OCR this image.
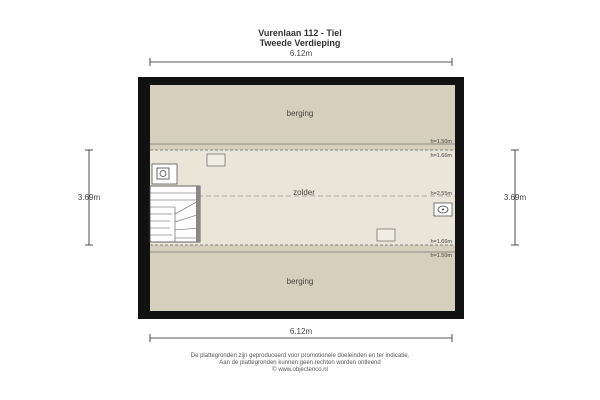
Vurenlaan 112 - Tiel
Tweede Verdieping
6.12m
h=1.50m
h=1.66m
h=2.55m
h=1.66m
h=1.50m
berging
zolder
berging
3.69m	3.69m
6.12m
De plattegronden zijn geproduceerd voor promotionele doeleinden en ter indicatie.
Aan de plattegronden kunnen geen rechten worden ontleend
© www.objectenco.nl
